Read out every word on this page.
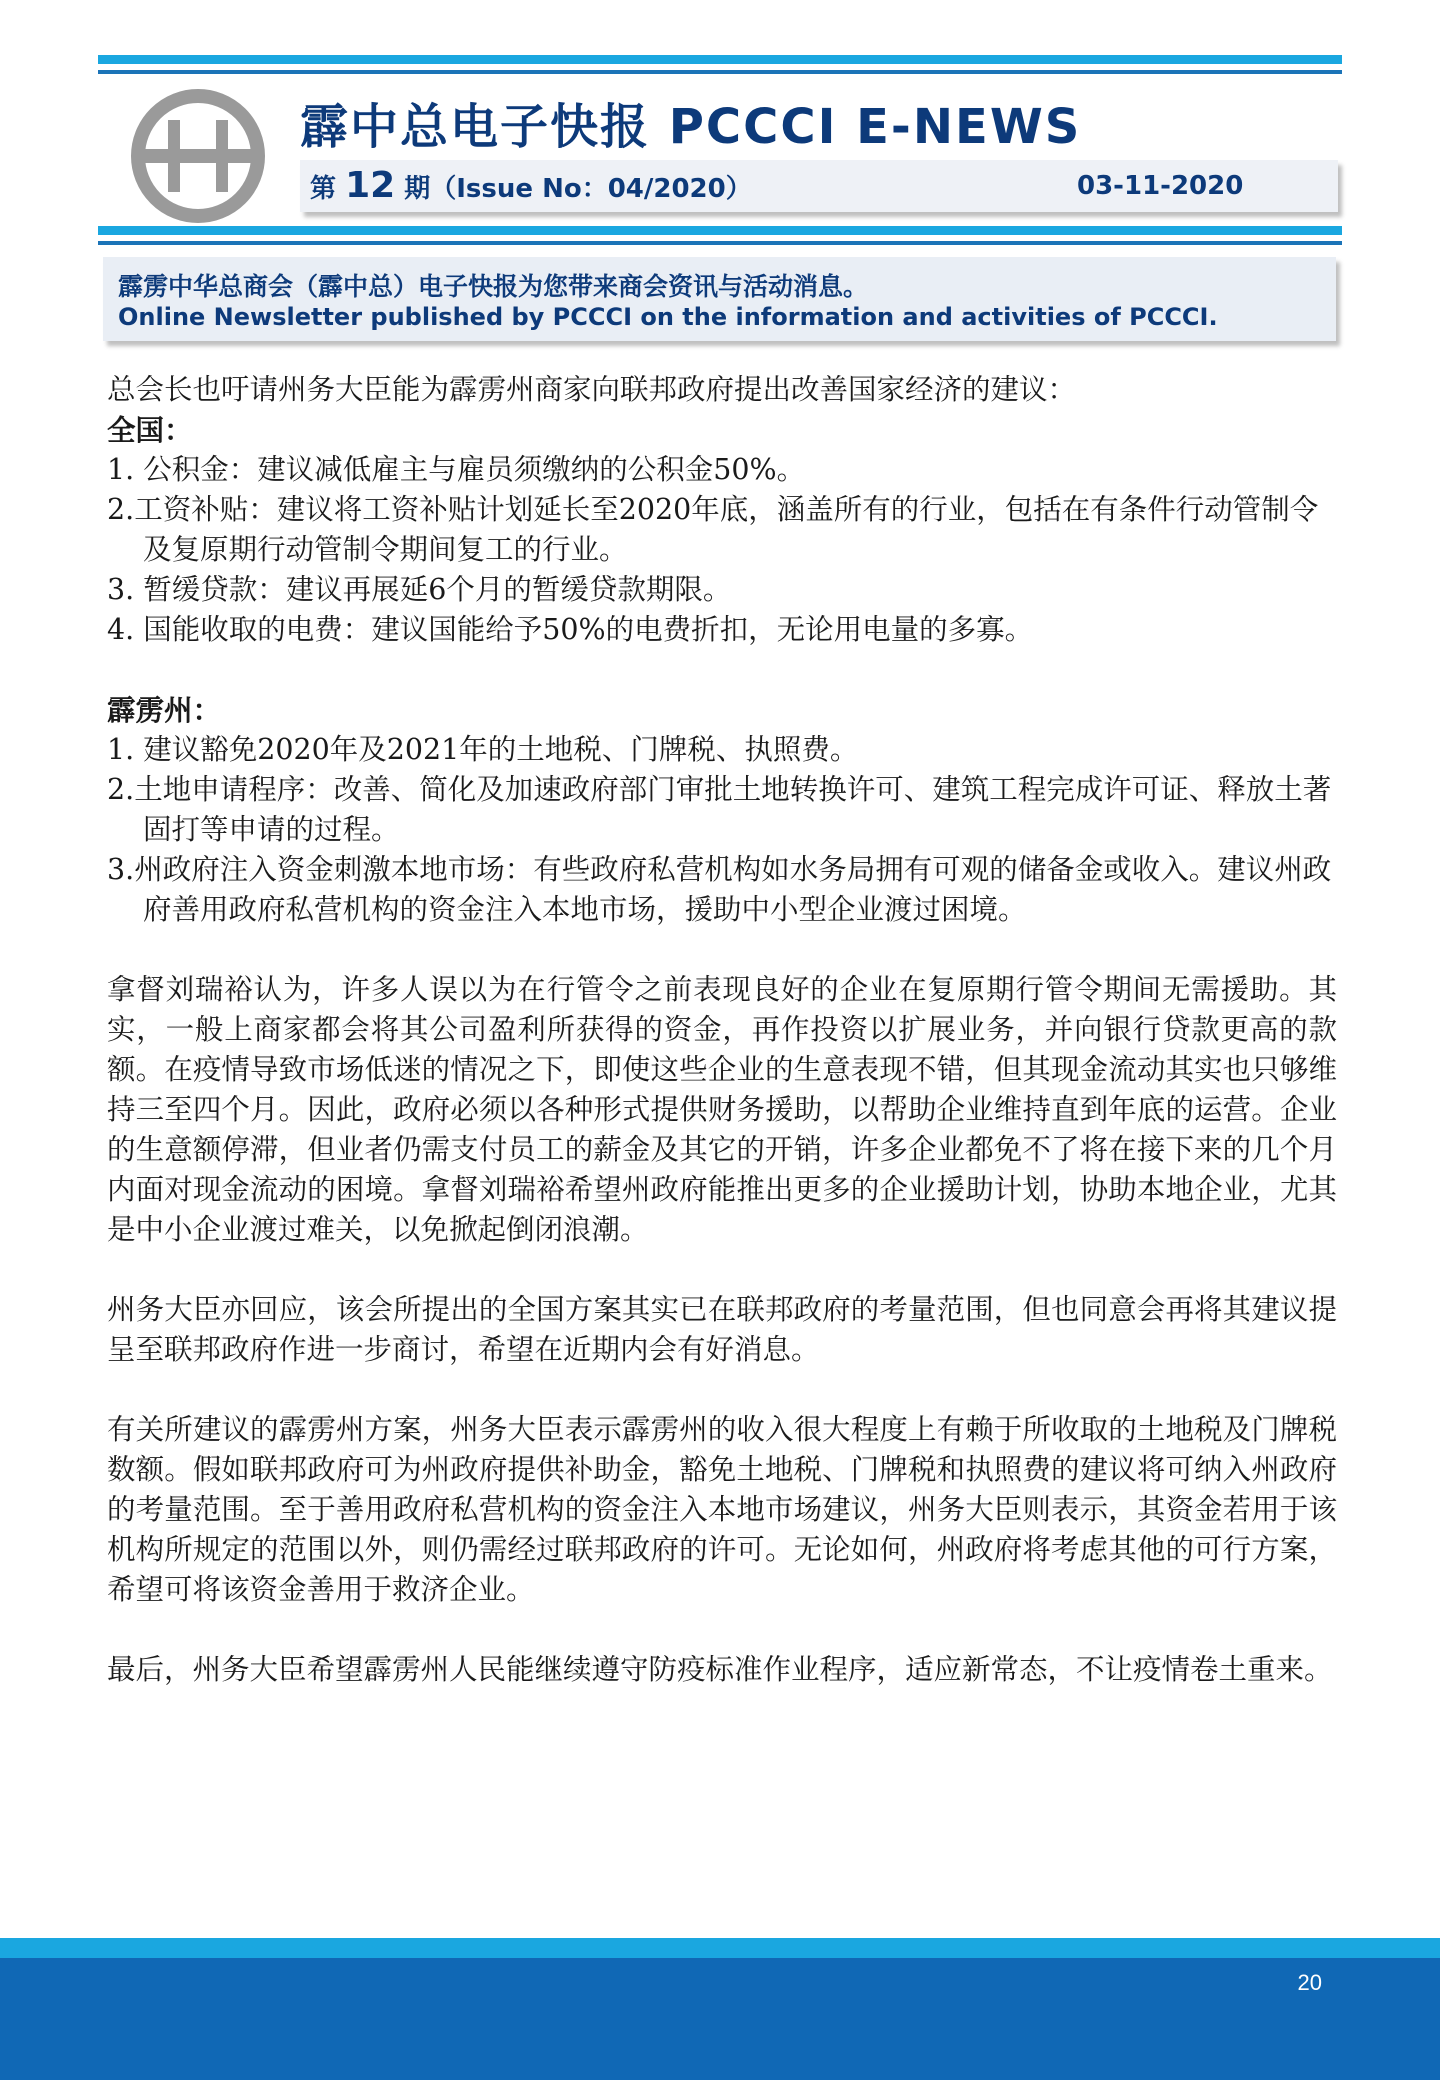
霹中总电子快报 PCCCI E-NEWS
第 12 期（Issue No：04/2020）	03-11-2020
霹雳中华总商会（霹中总）电子快报为您带来商会资讯与活动消息。
Online Newsletter published by PCCCI on the information and activities of PCCCI.

总会长也吁请州务大臣能为霹雳州商家向联邦政府提出改善国家经济的建议：

全国：

1. 公积金：建议减低雇主与雇员须缴纳的公积金50%。

2.工资补贴：建议将工资补贴计划延长至2020年底，涵盖所有的行业，包括在有条件行动管制令及复原期行动管制令期间复工的行业。

3. 暂缓贷款：建议再展延6个月的暂缓贷款期限。

4. 国能收取的电费：建议国能给予50%的电费折扣，无论用电量的多寡。

霹雳州：

1. 建议豁免2020年及2021年的土地税、门牌税、执照费。

2.土地申请程序：改善、简化及加速政府部门审批土地转换许可、建筑工程完成许可证、释放土著固打等申请的过程。

3.州政府注入资金刺激本地市场：有些政府私营机构如水务局拥有可观的储备金或收入。建议州政府善用政府私营机构的资金注入本地市场，援助中小型企业渡过困境。

拿督刘瑞裕认为，许多人误以为在行管令之前表现良好的企业在复原期行管令期间无需援助。其实，一般上商家都会将其公司盈利所获得的资金，再作投资以扩展业务，并向银行贷款更高的款额。在疫情导致市场低迷的情况之下，即使这些企业的生意表现不错，但其现金流动其实也只够维持三至四个月。因此，政府必须以各种形式提供财务援助，以帮助企业维持直到年底的运营。企业的生意额停滞，但业者仍需支付员工的薪金及其它的开销，许多企业都免不了将在接下来的几个月内面对现金流动的困境。拿督刘瑞裕希望州政府能推出更多的企业援助计划，协助本地企业，尤其是中小企业渡过难关，以免掀起倒闭浪潮。

州务大臣亦回应，该会所提出的全国方案其实已在联邦政府的考量范围，但也同意会再将其建议提呈至联邦政府作进一步商讨，希望在近期内会有好消息。

有关所建议的霹雳州方案，州务大臣表示霹雳州的收入很大程度上有赖于所收取的土地税及门牌税数额。假如联邦政府可为州政府提供补助金，豁免土地税、门牌税和执照费的建议将可纳入州政府的考量范围。至于善用政府私营机构的资金注入本地市场建议，州务大臣则表示，其资金若用于该机构所规定的范围以外，则仍需经过联邦政府的许可。无论如何，州政府将考虑其他的可行方案，希望可将该资金善用于救济企业。

最后，州务大臣希望霹雳州人民能继续遵守防疫标准作业程序，适应新常态，不让疫情卷土重来。

20
